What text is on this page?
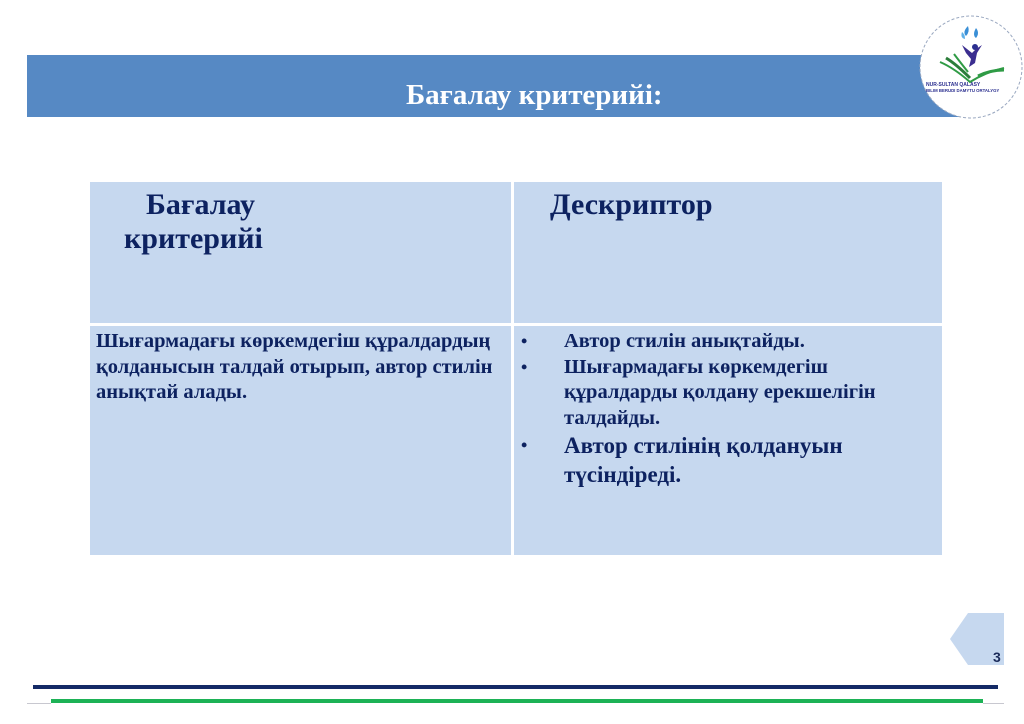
Бағалау критерийі:	NUR-SULTAN QALASY
BILIM BERUDI DAMYTU ORTALYGY
Бағалау критерийі
Дескриптор
Шығармадағы көркемдегіш құралдардың қолданысын талдай отырып, автор стилін анықтай алады.
• Автор стилін анықтайды.
• Шығармадағы көркемдегіш құралдарды қолдану ерекшелігін талдайды.
• Автор стилінің қолдануын түсіндіреді.
3
